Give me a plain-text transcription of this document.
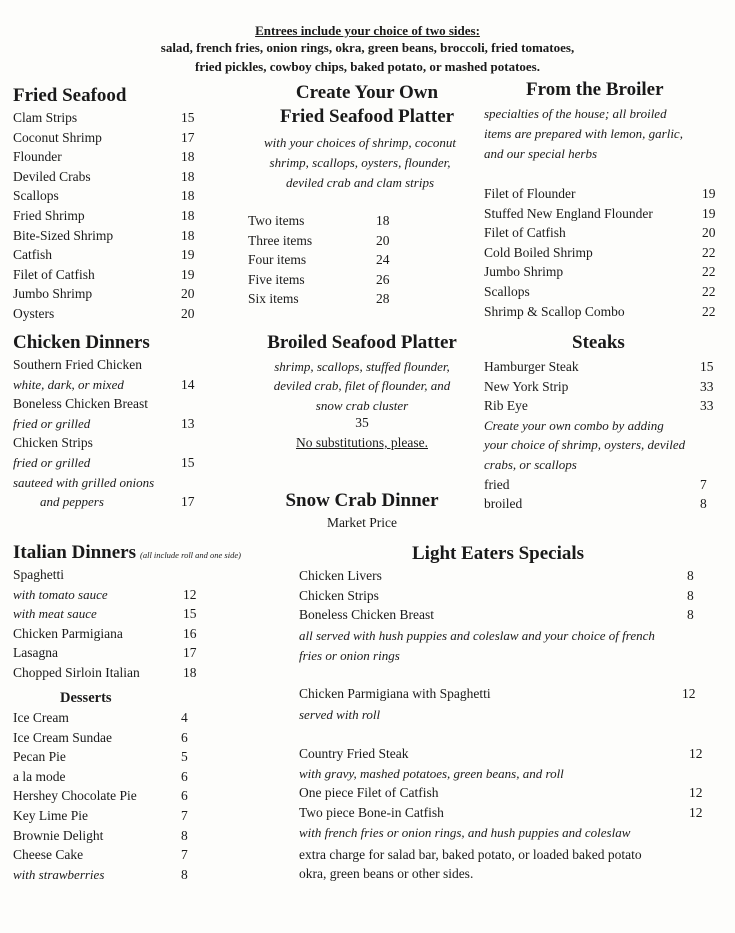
Entrees include your choice of two sides:
salad, french fries, onion rings, okra, green beans, broccoli, fried tomatoes,
fried pickles, cowboy chips, baked potato, or mashed potatoes.
Fried Seafood
Clam Strips	15
Coconut Shrimp	17
Flounder	18
Deviled Crabs	18
Scallops	18
Fried Shrimp	18
Bite-Sized Shrimp	18
Catfish	19
Filet of Catfish	19
Jumbo Shrimp	20
Oysters	20
Create Your Own
Fried Seafood Platter
with your choices of shrimp, coconut
shrimp, scallops, oysters, flounder,
deviled crab and clam strips
Two items	18
Three items	20
Four items	24
Five items	26
Six items	28
From the Broiler
specialties of the house; all broiled
items are prepared with lemon, garlic,
and our special herbs
Filet of Flounder	19
Stuffed New England Flounder	19
Filet of Catfish	20
Cold Boiled Shrimp	22
Jumbo Shrimp	22
Scallops	22
Shrimp & Scallop Combo	22
Chicken Dinners
Southern Fried Chicken
white, dark, or mixed	14
Boneless Chicken Breast
fried or grilled	13
Chicken Strips
fried or grilled	15
sauteed with grilled onions
and peppers	17
Broiled Seafood Platter
shrimp, scallops, stuffed flounder,
deviled crab, filet of flounder, and
snow crab cluster
35
No substitutions, please.
Steaks
Hamburger Steak	15
New York Strip	33
Rib Eye	33
Create your own combo by adding
your choice of shrimp, oysters, deviled
crabs, or scallops
fried	7
broiled	8
Snow Crab Dinner
Market Price
Italian Dinners (all include roll and one side)
Spaghetti
with tomato sauce	12
with meat sauce	15
Chicken Parmigiana	16
Lasagna	17
Chopped Sirloin Italian	18
Desserts
Ice Cream	4
Ice Cream Sundae	6
Pecan Pie	5
a la mode	6
Hershey Chocolate Pie	6
Key Lime Pie	7
Brownie Delight	8
Cheese Cake	7
with strawberries	8
Light Eaters Specials
Chicken Livers	8
Chicken Strips	8
Boneless Chicken Breast	8
all served with hush puppies and coleslaw and your choice of french
fries or onion rings
Chicken Parmigiana with Spaghetti	12
served with roll
Country Fried Steak	12
with gravy, mashed potatoes, green beans, and roll
One piece Filet of Catfish	12
Two piece Bone-in Catfish	12
with french fries or onion rings, and hush puppies and coleslaw
extra charge for salad bar, baked potato, or loaded baked potato
okra, green beans or other sides.
